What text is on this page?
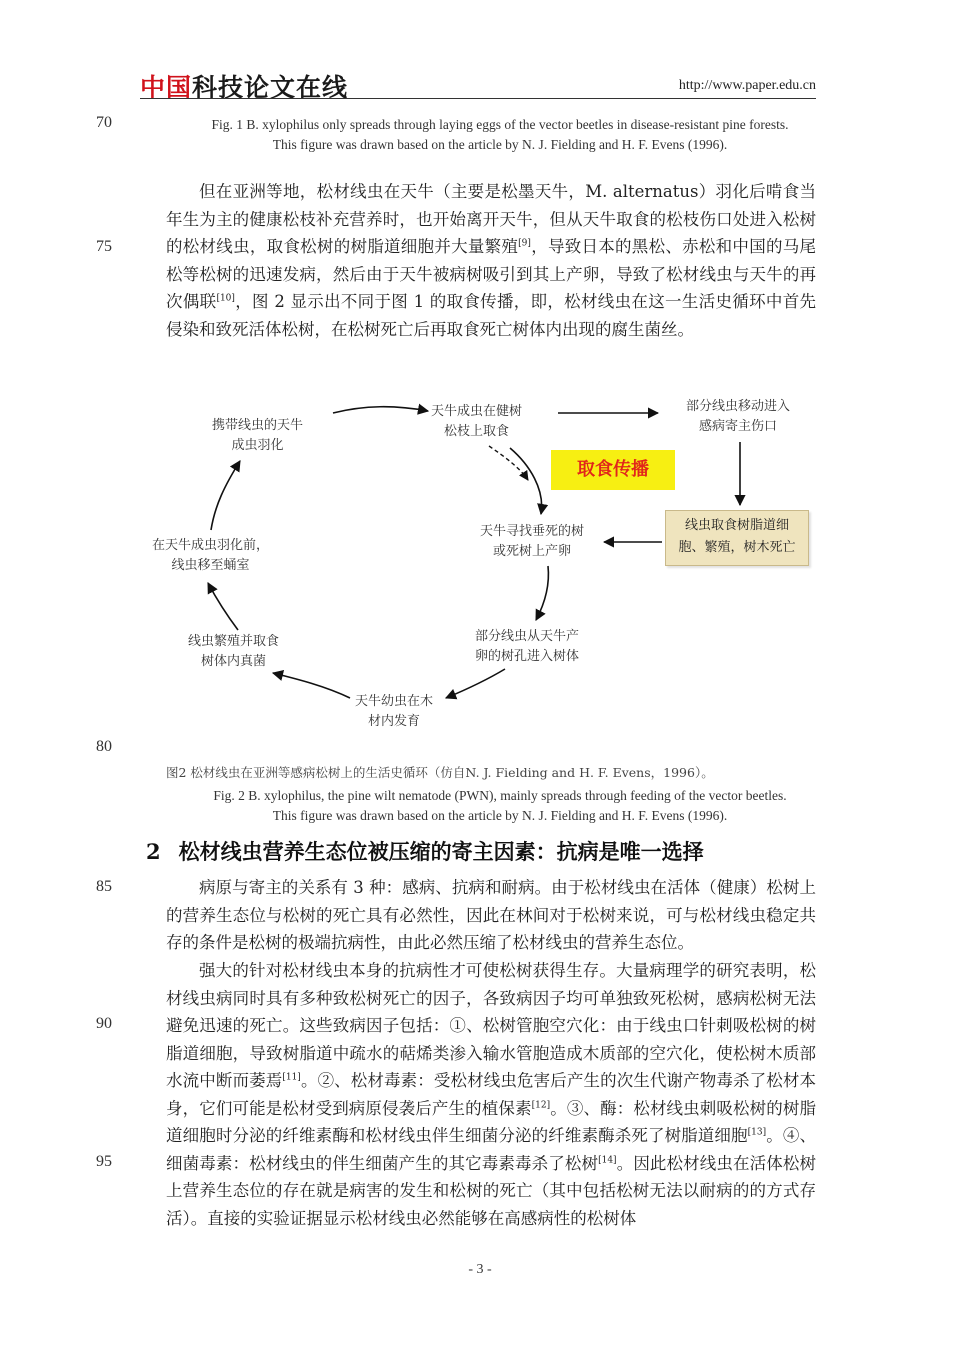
中国科技论文在线	http://www.paper.edu.cn
70
75
80
85
90
95
Fig. 1 B. xylophilus only spreads through laying eggs of the vector beetles in disease-resistant pine forests.
This figure was drawn based on the article by N. J. Fielding and H. F. Evens (1996).

但在亚洲等地，松材线虫在天牛（主要是松墨天牛，M. alternatus）羽化后啃食当年生为主的健康松枝补充营养时，也开始离开天牛，但从天牛取食的松枝伤口处进入松树的松材线虫，取食松树的树脂道细胞并大量繁殖[9]，导致日本的黑松、赤松和中国的马尾松等松树的迅速发病，然后由于天牛被病树吸引到其上产卵，导致了松材线虫与天牛的再次偶联[10]，图 2 显示出不同于图 1 的取食传播，即，松材线虫在这一生活史循环中首先侵染和致死活体松树，在松树死亡后再取食死亡树体内出现的腐生菌丝。

天牛成虫在健树
松枝上取食
携带线虫的天牛
成虫羽化
部分线虫移动进入
感病寄主伤口
取食传播
线虫取食树脂道细
胞、繁殖，树木死亡
天牛寻找垂死的树
或死树上产卵
在天牛成虫羽化前，
线虫移至蛹室
部分线虫从天牛产
卵的树孔进入树体
线虫繁殖并取食
树体内真菌
天牛幼虫在木
材内发育
图2 松材线虫在亚洲等感病松树上的生活史循环（仿自N. J. Fielding and H. F. Evens，1996）。
Fig. 2 B. xylophilus, the pine wilt nematode (PWN), mainly spreads through feeding of the vector beetles.
This figure was drawn based on the article by N. J. Fielding and H. F. Evens (1996).
2 松材线虫营养生态位被压缩的寄主因素：抗病是唯一选择

病原与寄主的关系有 3 种：感病、抗病和耐病。由于松材线虫在活体（健康）松树上的营养生态位与松树的死亡具有必然性，因此在林间对于松树来说，可与松材线虫稳定共存的条件是松树的极端抗病性，由此必然压缩了松材线虫的营养生态位。

强大的针对松材线虫本身的抗病性才可使松树获得生存。大量病理学的研究表明，松材线虫病同时具有多种致松树死亡的因子，各致病因子均可单独致死松树，感病松树无法避免迅速的死亡。这些致病因子包括：①、松树管胞空穴化：由于线虫口针刺吸松树的树脂道细胞，导致树脂道中疏水的萜烯类渗入输水管胞造成木质部的空穴化，使松树木质部水流中断而萎焉[11]。②、松材毒素：受松材线虫危害后产生的次生代谢产物毒杀了松材本身，它们可能是松材受到病原侵袭后产生的植保素[12]。③、酶：松材线虫刺吸松树的树脂道细胞时分泌的纤维素酶和松材线虫伴生细菌分泌的纤维素酶杀死了树脂道细胞[13]。④、细菌毒素：松材线虫的伴生细菌产生的其它毒素毒杀了松树[14]。因此松材线虫在活体松树上营养生态位的存在就是病害的发生和松树的死亡（其中包括松树无法以耐病的的方式存活）。直接的实验证据显示松材线虫必然能够在高感病性的松树体

- 3 -
